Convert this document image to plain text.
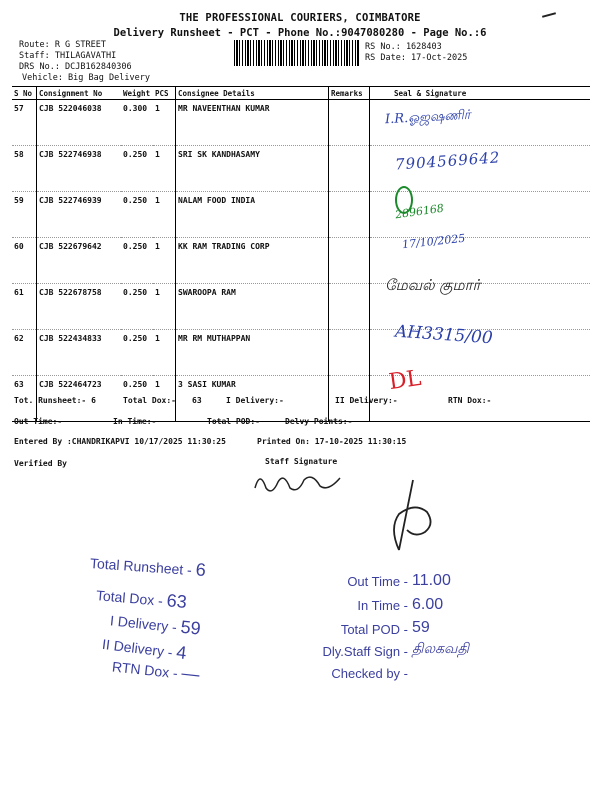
THE PROFESSIONAL COURIERS, COIMBATORE
Delivery Runsheet - PCT - Phone No.:9047080280 - Page No.:6
Route: R G STREET
Staff: THILAGAVATHI
DRS No.: DCJB162840306
Vehicle: Big Bag Delivery
RS No.: 1628403
RS Date: 17-Oct-2025
S No	Consignment No	Weight	PCS	Consignee Details	Remarks	Seal & Signature
57	CJB 522046038	0.300	1	MR NAVEENTHAN KUMAR		
58	CJB 522746938	0.250	1	SRI SK KANDHASAMY		
59	CJB 522746939	0.250	1	NALAM FOOD INDIA		
60	CJB 522679642	0.250	1	KK RAM TRADING CORP		
61	CJB 522678758	0.250	1	SWAROOPA RAM		
62	CJB 522434833	0.250	1	MR RM MUTHAPPAN		
63	CJB 522464723	0.250	1	3 SASI KUMAR		
I.R.ஓஜஷணிர்
7904569642
2896168
17/10/2025
மேவல் குமார்
AH3315/00
DL
Tot. Runsheet:- 6	Total Dox:- 63	I Delivery:-	II Delivery:-	RTN Dox:-
Out Time:-	In Time:-	Total POD:-	Delvy Points:-
Entered By :CHANDRIKAPVI 10/17/2025 11:30:25	Printed On: 17-10-2025 11:30:15
Verified By	Staff Signature
Total Runsheet - 6
Total Dox - 63
I Delivery - 59
II Delivery - 4
RTN Dox - —
Out Time - 11.00
In Time - 6.00
Total POD - 59
Dly.Staff Sign - திலகவதி
Checked by -
